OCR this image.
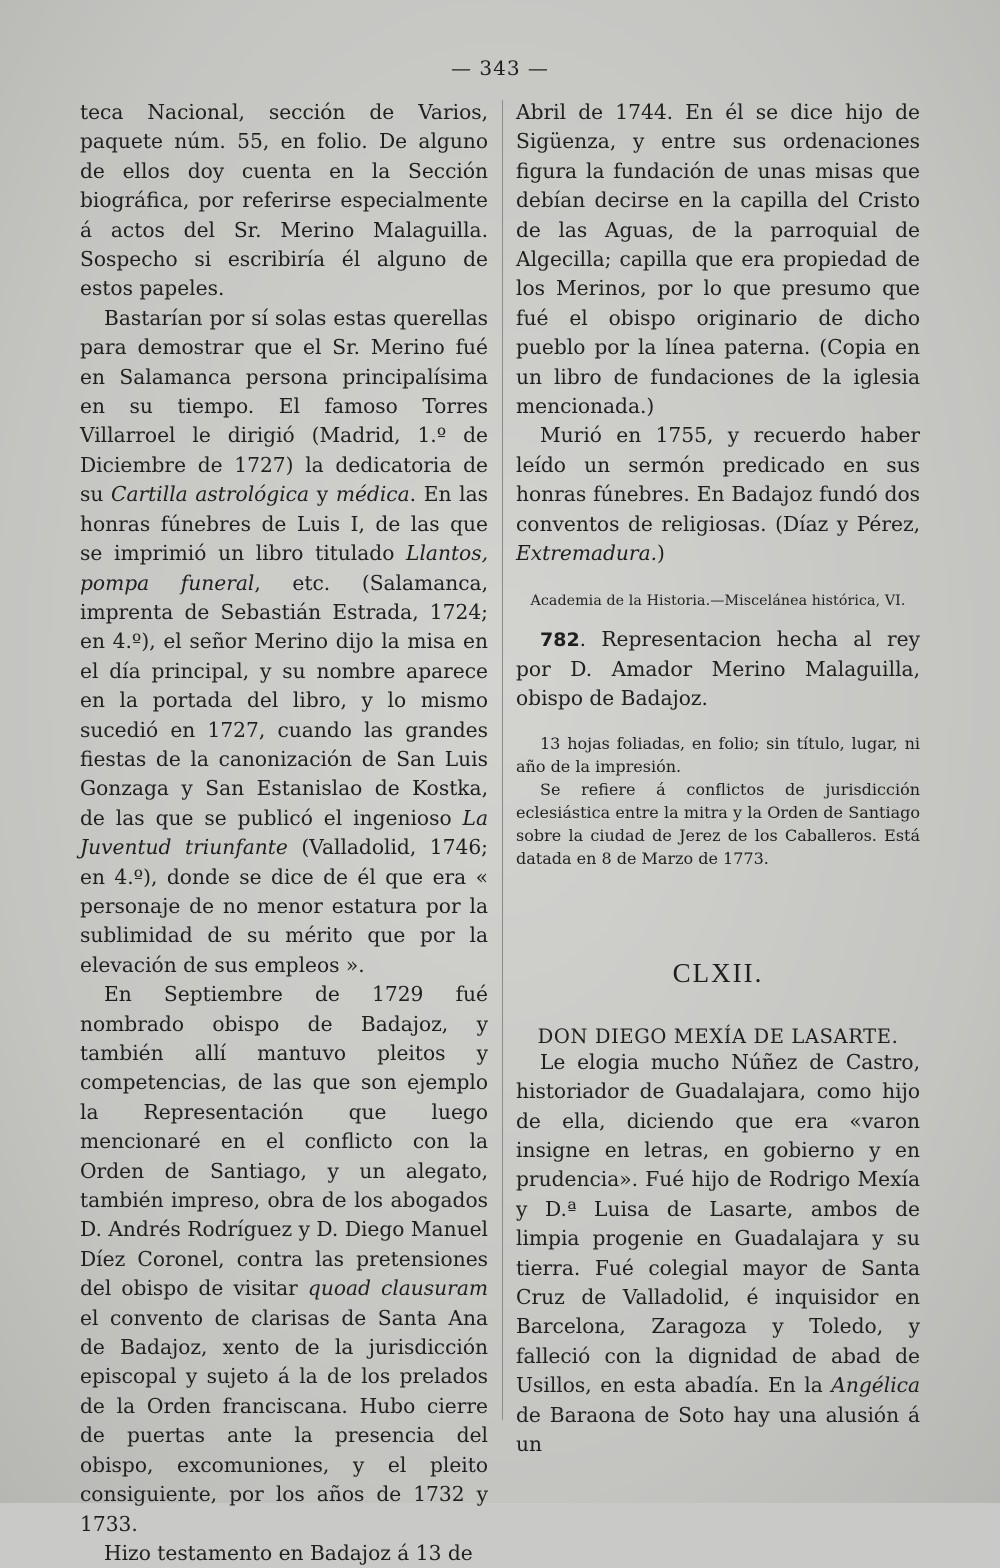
— 343 —

teca Nacional, sección de Varios, paquete núm. 55, en folio. De alguno de ellos doy cuenta en la Sección biográfica, por referirse especialmente á actos del Sr. Merino Malaguilla. Sospecho si escribiría él alguno de estos papeles.

Bastarían por sí solas estas querellas para demostrar que el Sr. Merino fué en Salamanca persona principalísima en su tiempo. El famoso Torres Villarroel le dirigió (Madrid, 1.º de Diciembre de 1727) la dedicatoria de su Cartilla astrológica y médica. En las honras fúnebres de Luis I, de las que se imprimió un libro titulado Llantos, pompa funeral, etc. (Salamanca, imprenta de Sebastián Estrada, 1724; en 4.º), el señor Merino dijo la misa en el día principal, y su nombre aparece en la portada del libro, y lo mismo sucedió en 1727, cuando las grandes fiestas de la canonización de San Luis Gonzaga y San Estanislao de Kostka, de las que se publicó el ingenioso La Juventud triunfante (Valladolid, 1746; en 4.º), donde se dice de él que era « personaje de no menor estatura por la sublimidad de su mérito que por la elevación de sus empleos ».

En Septiembre de 1729 fué nombrado obispo de Badajoz, y también allí mantuvo pleitos y competencias, de las que son ejemplo la Representación que luego mencionaré en el conflicto con la Orden de Santiago, y un alegato, también impreso, obra de los abogados D. Andrés Rodríguez y D. Diego Manuel Díez Coronel, contra las pretensiones del obispo de visitar quoad clausuram el convento de clarisas de Santa Ana de Badajoz, xento de la jurisdicción episcopal y sujeto á la de los prelados de la Orden franciscana. Hubo cierre de puertas ante la presencia del obispo, excomuniones, y el pleito consiguiente, por los años de 1732 y 1733.

Hizo testamento en Badajoz á 13 de

Abril de 1744. En él se dice hijo de Sigüenza, y entre sus ordenaciones figura la fundación de unas misas que debían decirse en la capilla del Cristo de las Aguas, de la parroquial de Algecilla; capilla que era propiedad de los Merinos, por lo que presumo que fué el obispo originario de dicho pueblo por la línea paterna. (Copia en un libro de fundaciones de la iglesia mencionada.)

Murió en 1755, y recuerdo haber leído un sermón predicado en sus honras fúnebres. En Badajoz fundó dos conventos de religiosas. (Díaz y Pérez, Extremadura.)

Academia de la Historia.—Miscelánea histórica, VI.

782. Representacion hecha al rey por D. Amador Merino Malaguilla, obispo de Badajoz.

13 hojas foliadas, en folio; sin título, lugar, ni año de la impresión.

Se refiere á conflictos de jurisdicción eclesiástica entre la mitra y la Orden de Santiago sobre la ciudad de Jerez de los Caballeros. Está datada en 8 de Marzo de 1773.

CLXII.
DON DIEGO MEXÍA DE LASARTE.

Le elogia mucho Núñez de Castro, historiador de Guadalajara, como hijo de ella, diciendo que era «varon insigne en letras, en gobierno y en prudencia». Fué hijo de Rodrigo Mexía y D.ª Luisa de Lasarte, ambos de limpia progenie en Guadalajara y su tierra. Fué colegial mayor de Santa Cruz de Valladolid, é inquisidor en Barcelona, Zaragoza y Toledo, y falleció con la dignidad de abad de Usillos, en esta abadía. En la Angélica de Baraona de Soto hay una alusión á un
